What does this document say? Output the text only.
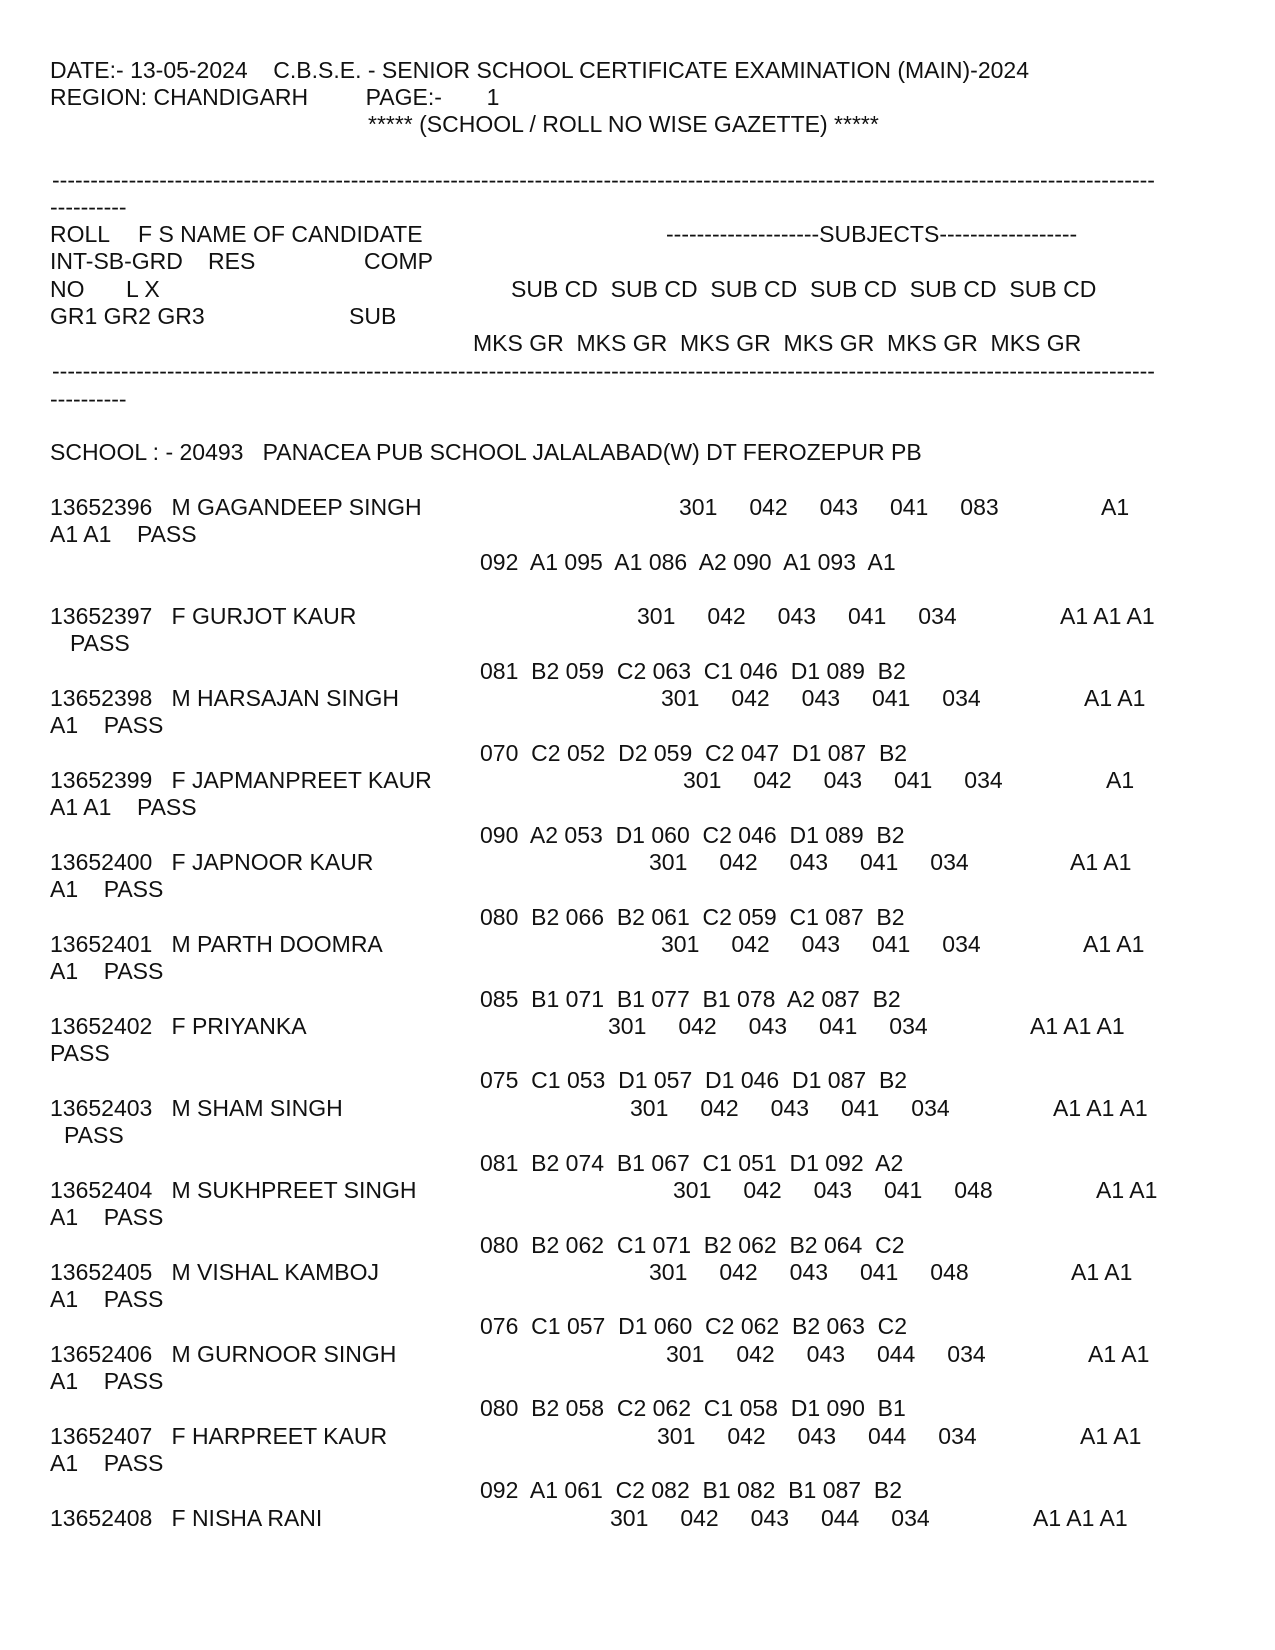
DATE:- 13-05-2024    C.B.S.E. - SENIOR SCHOOL CERTIFICATE EXAMINATION (MAIN)-2024
REGION: CHANDIGARH         PAGE:-       1
***** (SCHOOL / ROLL NO WISE GAZETTE) *****
------------------------------------------------------------------------------------------------------------------------------------------------
----------
ROLL F S NAME OF CANDIDATE	--------------------SUBJECTS------------------
INT-SB-GRD RES	COMP
NO L X	SUB CD  SUB CD  SUB CD  SUB CD  SUB CD  SUB CD
GR1 GR2 GR3	SUB
MKS GR  MKS GR  MKS GR  MKS GR  MKS GR  MKS GR
------------------------------------------------------------------------------------------------------------------------------------------------
----------
SCHOOL : - 20493   PANACEA PUB SCHOOL JALALABAD(W) DT FEROZEPUR PB
13652396   M GAGANDEEP SINGH	301     042     043     041     083	A1
A1 A1    PASS
092  A1 095  A1 086  A2 090  A1 093  A1
13652397   F GURJOT KAUR	301     042     043     041     034	A1 A1 A1
PASS
081  B2 059  C2 063  C1 046  D1 089  B2
13652398   M HARSAJAN SINGH	301     042     043     041     034	A1 A1
A1    PASS
070  C2 052  D2 059  C2 047  D1 087  B2
13652399   F JAPMANPREET KAUR	301     042     043     041     034	A1
A1 A1    PASS
090  A2 053  D1 060  C2 046  D1 089  B2
13652400   F JAPNOOR KAUR	301     042     043     041     034	A1 A1
A1    PASS
080  B2 066  B2 061  C2 059  C1 087  B2
13652401   M PARTH DOOMRA	301     042     043     041     034	A1 A1
A1    PASS
085  B1 071  B1 077  B1 078  A2 087  B2
13652402   F PRIYANKA	301     042     043     041     034	A1 A1 A1
PASS
075  C1 053  D1 057  D1 046  D1 087  B2
13652403   M SHAM SINGH	301     042     043     041     034	A1 A1 A1
PASS
081  B2 074  B1 067  C1 051  D1 092  A2
13652404   M SUKHPREET SINGH	301     042     043     041     048	A1 A1
A1    PASS
080  B2 062  C1 071  B2 062  B2 064  C2
13652405   M VISHAL KAMBOJ	301     042     043     041     048	A1 A1
A1    PASS
076  C1 057  D1 060  C2 062  B2 063  C2
13652406   M GURNOOR SINGH	301     042     043     044     034	A1 A1
A1    PASS
080  B2 058  C2 062  C1 058  D1 090  B1
13652407   F HARPREET KAUR	301     042     043     044     034	A1 A1
A1    PASS
092  A1 061  C2 082  B1 082  B1 087  B2
13652408   F NISHA RANI	301     042     043     044     034	A1 A1 A1
